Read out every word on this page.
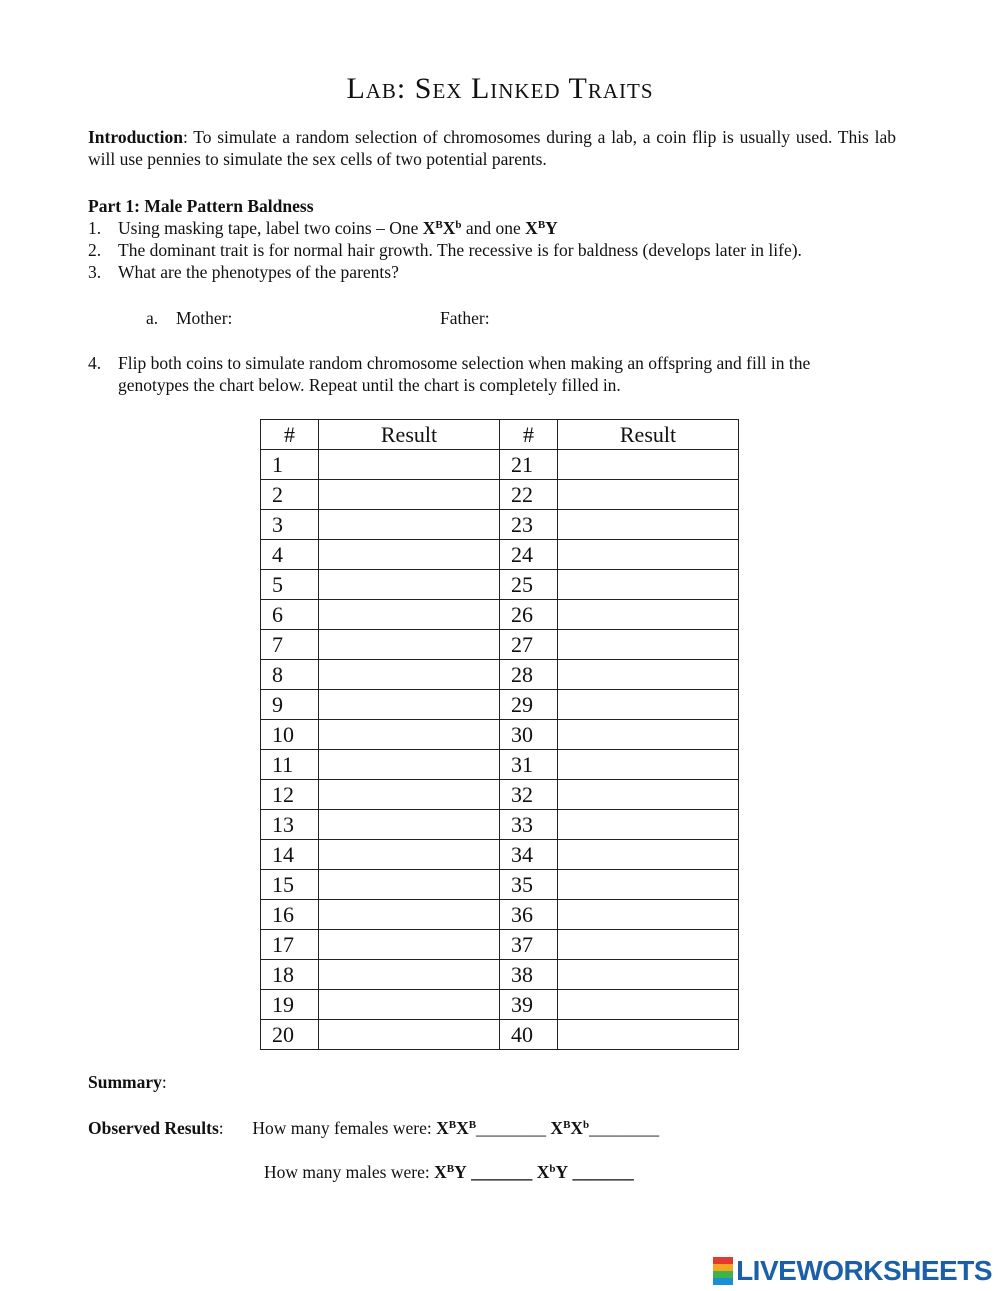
Lab: Sex Linked Traits
Introduction: To simulate a random selection of chromosomes during a lab, a coin flip is usually used. This lab will use pennies to simulate the sex cells of two potential parents.
Part 1: Male Pattern Baldness
1. Using masking tape, label two coins – One $X^BX^b$ and one $X^BY$
2. The dominant trait is for normal hair growth. The recessive is for baldness (develops later in life).
3. What are the phenotypes of the parents?
a. Mother:	Father:
4. Flip both coins to simulate random chromosome selection when making an offspring and fill in the
genotypes the chart below. Repeat until the chart is completely filled in.
#	Result	#	Result
1		21	
2		22	
3		23	
4		24	
5		25	
6		26	
7		27	
8		28	
9		29	
10		30	
11		31	
12		32	
13		33	
14		34	
15		35	
16		36	
17		37	
18		38	
19		39	
20		40	
Summary:
Observed Results: How many females were: $X^BX^B\_\_\_\_\_\_\_\_$ $X^BX^b\_\_\_\_\_\_\_\_$
How many males were: $X^BY$ _______ $X^bY$ _______
LIVEWORKSHEETS
